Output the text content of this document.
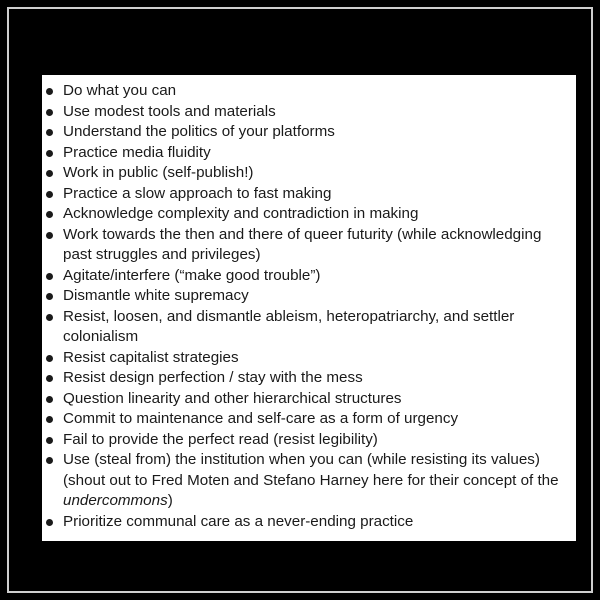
Do what you can
Use modest tools and materials
Understand the politics of your platforms
Practice media fluidity
Work in public (self-publish!)
Practice a slow approach to fast making
Acknowledge complexity and contradiction in making
Work towards the then and there of queer futurity (while acknowledging past struggles and privileges)
Agitate/interfere (“make good trouble”)
Dismantle white supremacy
Resist, loosen, and dismantle ableism, heteropatriarchy, and settler colonialism
Resist capitalist strategies
Resist design perfection / stay with the mess
Question linearity and other hierarchical structures
Commit to maintenance and self-care as a form of urgency
Fail to provide the perfect read (resist legibility)
Use (steal from) the institution when you can (while resisting its values) (shout out to Fred Moten and Stefano Harney here for their concept of the undercommons)
Prioritize communal care as a never-ending practice
